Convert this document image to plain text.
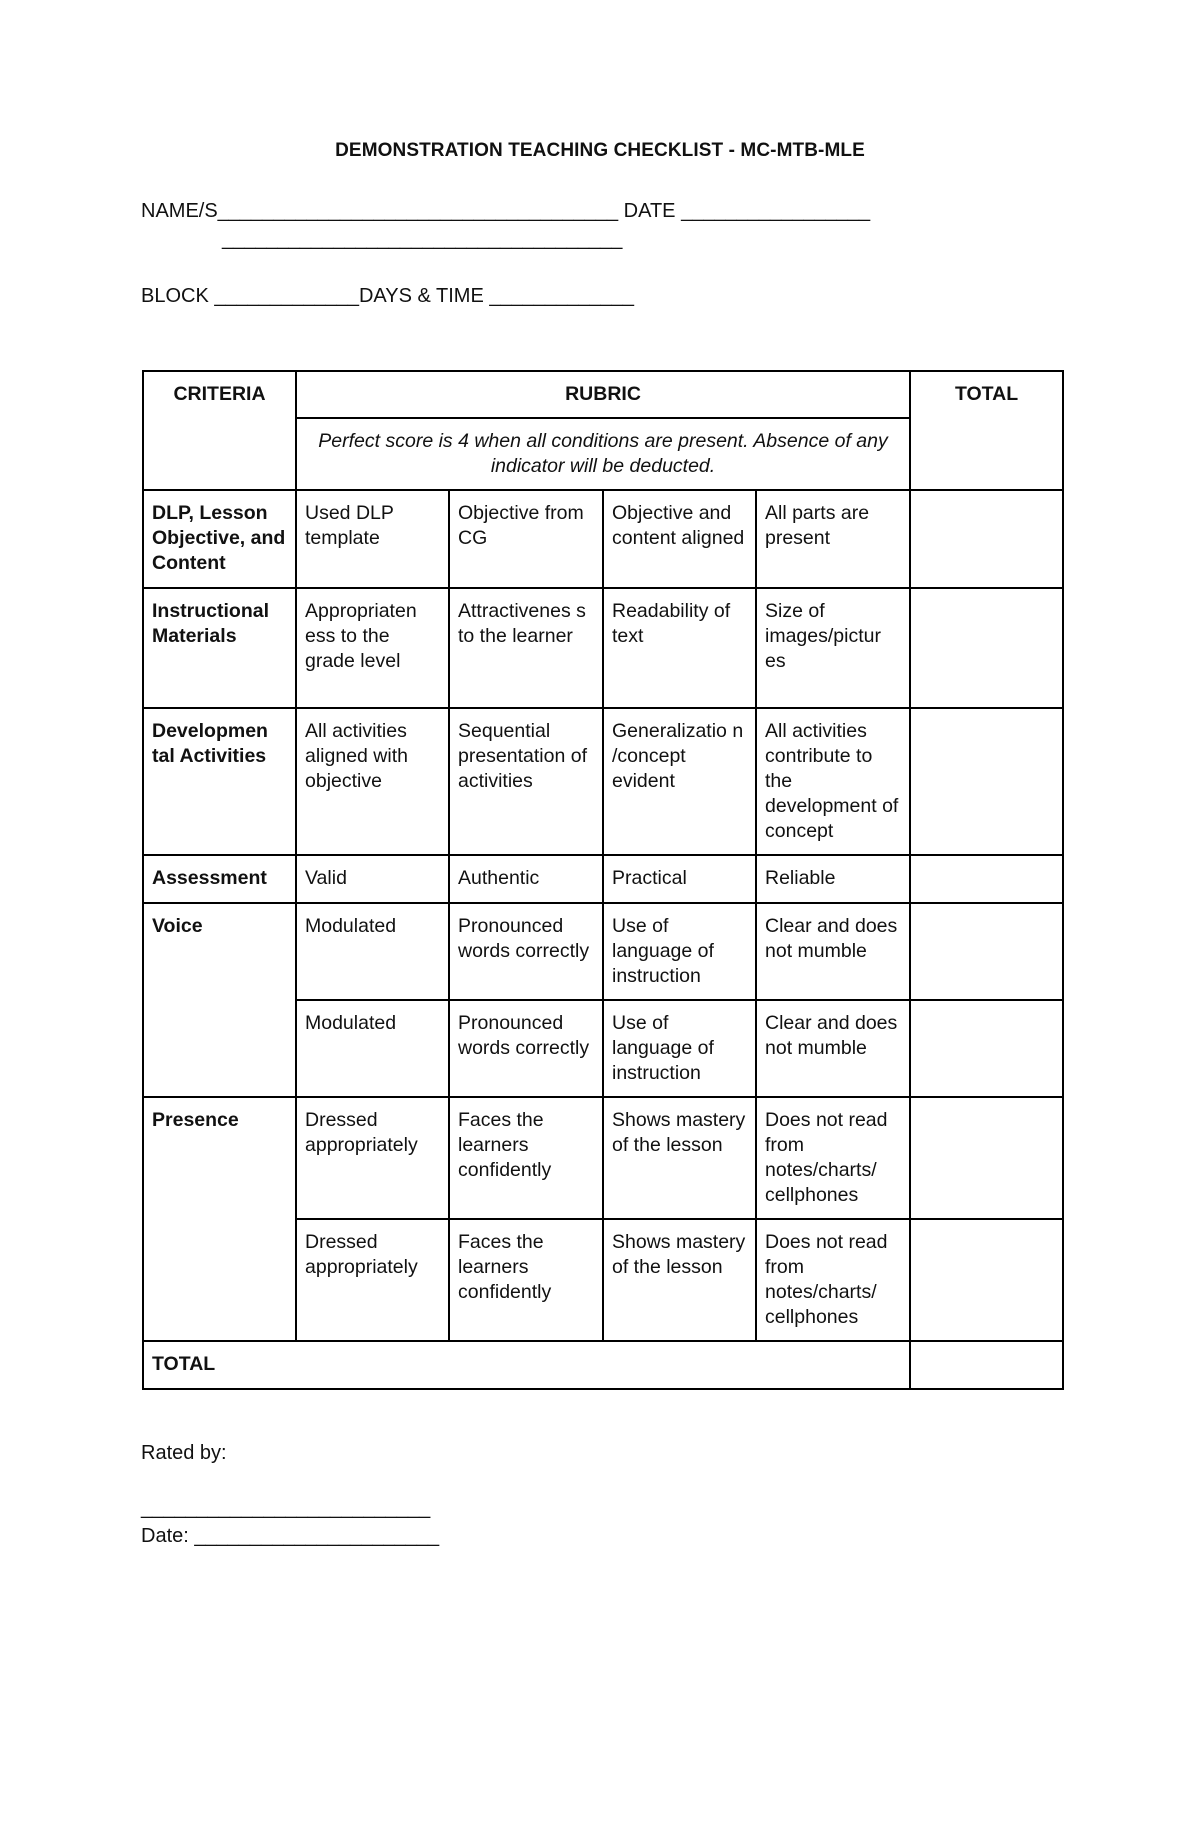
DEMONSTRATION TEACHING CHECKLIST - MC-MTB-MLE
NAME/S____________________________________ DATE _________________
____________________________________
BLOCK _____________DAYS & TIME _____________
CRITERIA	RUBRIC				TOTAL
	Perfect score is 4 when all conditions are present. Absence of any indicator will be deducted.				
DLP, Lesson Objective, and Content	Used DLP template	Objective from CG	Objective and content aligned	All parts are present	
Instructional Materials	Appropriaten ess to the grade level	Attractivenes s to the learner	Readability of text	Size of images/pictur es	
Developmen tal Activities	All activities aligned with objective	Sequential presentation of activities	Generalizatio n /concept evident	All activities contribute to the development of concept	
Assessment	Valid	Authentic	Practical	Reliable	
Voice	Modulated	Pronounced words correctly	Use of language of instruction	Clear and does not mumble	
	Modulated	Pronounced words correctly	Use of language of instruction	Clear and does not mumble	
Presence	Dressed appropriately	Faces the learners confidently	Shows mastery of the lesson	Does not read from notes/charts/ cellphones	
	Dressed appropriately	Faces the learners confidently	Shows mastery of the lesson	Does not read from notes/charts/ cellphones	
TOTAL					
Rated by:
__________________________
Date: ______________________
